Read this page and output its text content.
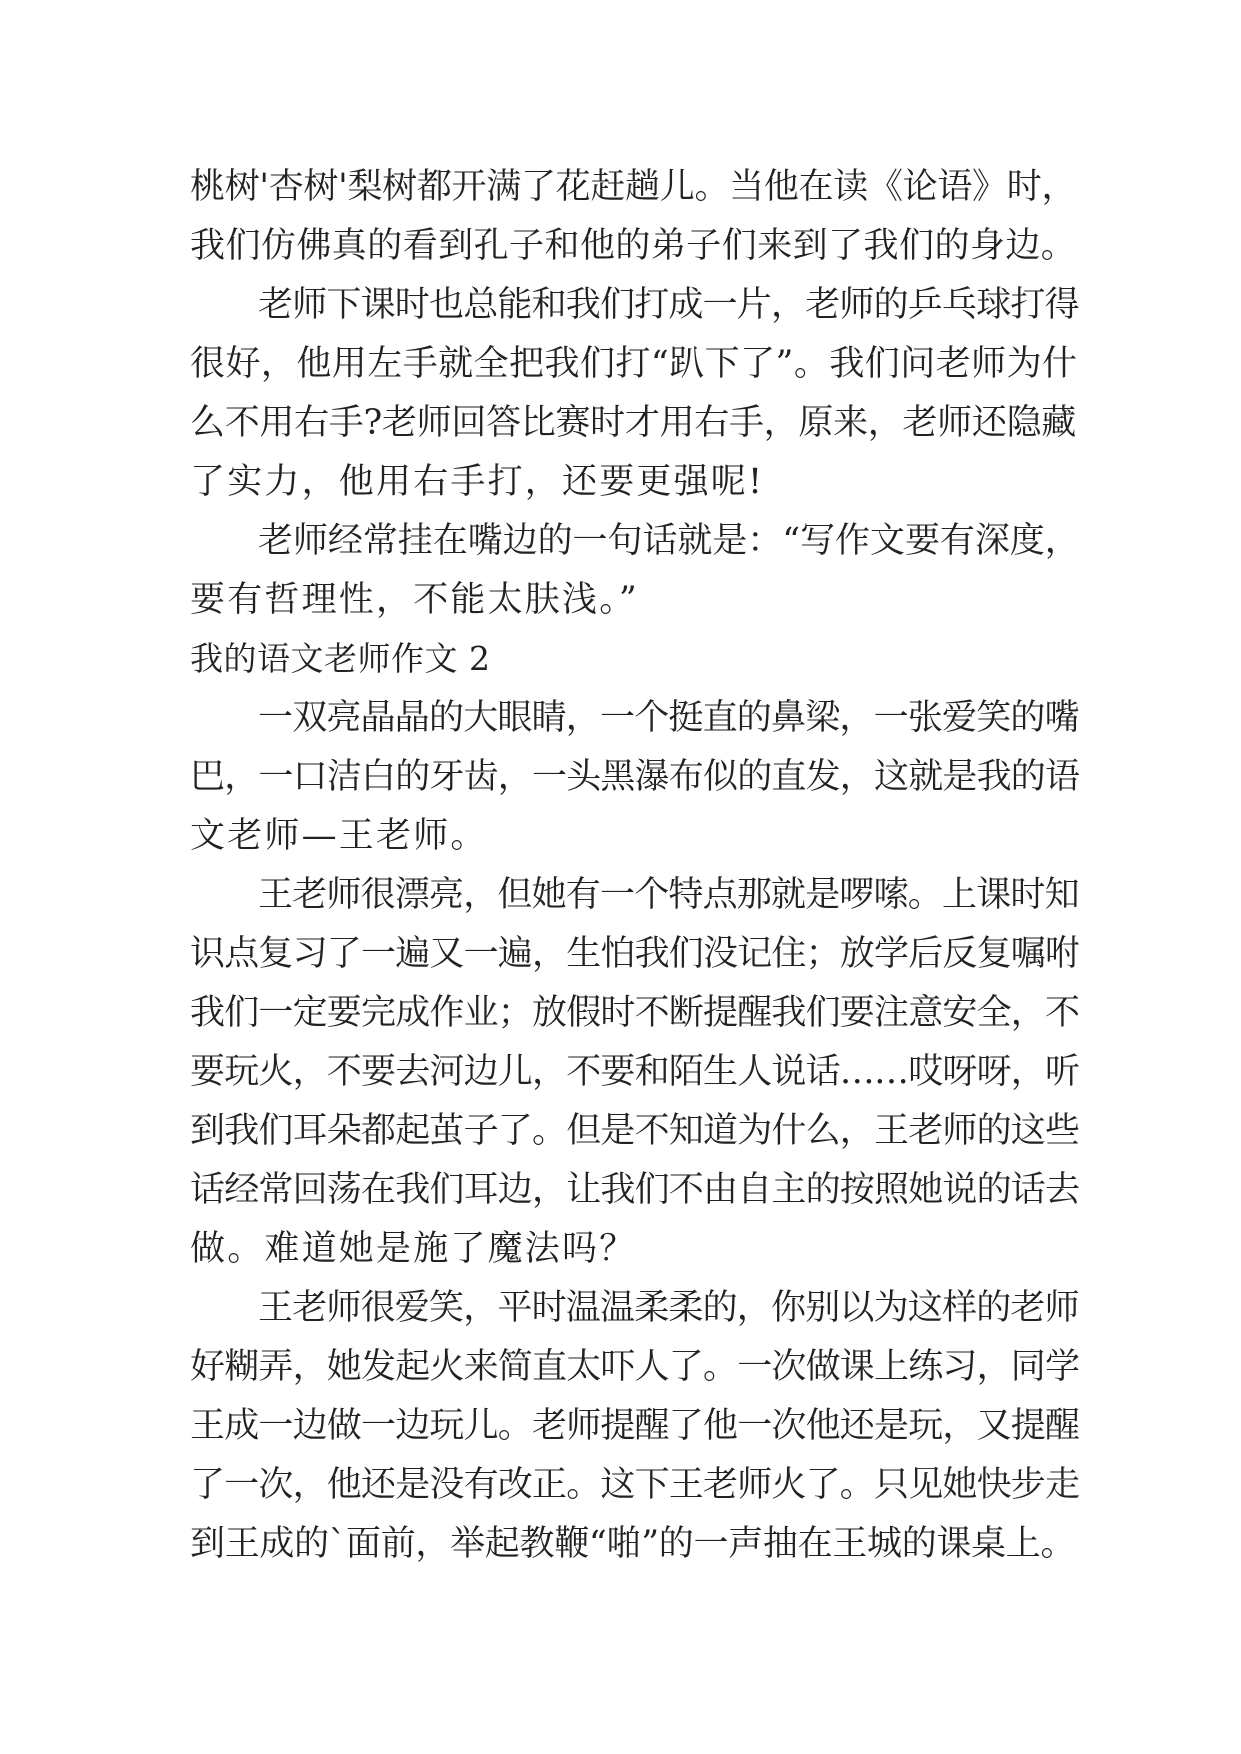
桃树'杏树'梨树都开满了花赶趟儿。当他在读《论语》时，
我们仿佛真的看到孔子和他的弟子们来到了我们的身边。
老师下课时也总能和我们打成一片，老师的乒乓球打得
很好，他用左手就全把我们打“趴下了”。我们问老师为什
么不用右手?老师回答比赛时才用右手，原来，老师还隐藏
了实力，他用右手打，还要更强呢!
老师经常挂在嘴边的一句话就是：“写作文要有深度，
要有哲理性，不能太肤浅。”
我的语文老师作文 2
一双亮晶晶的大眼睛，一个挺直的鼻梁，一张爱笑的嘴
巴，一口洁白的牙齿，一头黑瀑布似的直发，这就是我的语
文老师—王老师。
王老师很漂亮，但她有一个特点那就是啰嗦。上课时知
识点复习了一遍又一遍，生怕我们没记住；放学后反复嘱咐
我们一定要完成作业；放假时不断提醒我们要注意安全，不
要玩火，不要去河边儿，不要和陌生人说话……哎呀呀，听
到我们耳朵都起茧子了。但是不知道为什么，王老师的这些
话经常回荡在我们耳边，让我们不由自主的按照她说的话去
做。难道她是施了魔法吗？
王老师很爱笑，平时温温柔柔的，你别以为这样的老师
好糊弄，她发起火来简直太吓人了。一次做课上练习，同学
王成一边做一边玩儿。老师提醒了他一次他还是玩，又提醒
了一次，他还是没有改正。这下王老师火了。只见她快步走
到王成的`面前，举起教鞭“啪”的一声抽在王城的课桌上。
